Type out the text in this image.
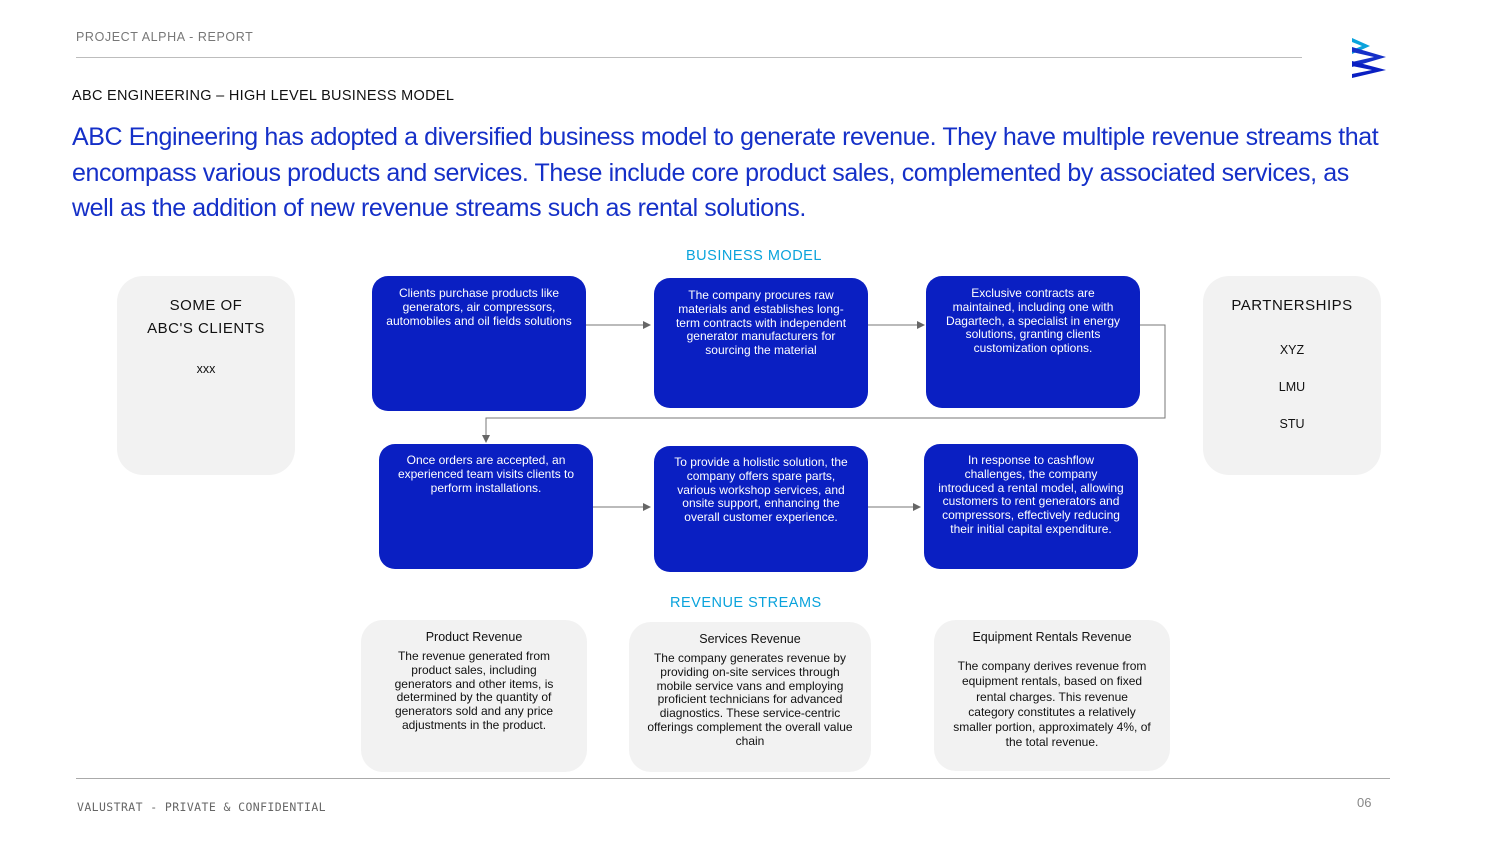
PROJECT ALPHA - REPORT
ABC ENGINEERING – HIGH LEVEL BUSINESS MODEL
ABC Engineering has adopted a diversified business model to generate revenue. They have multiple revenue streams that encompass various products and services. These include core product sales, complemented by associated services, as well as the addition of new revenue streams such as rental solutions.
BUSINESS MODEL
SOME OF
ABC'S CLIENTS
xxx
PARTNERSHIPS
XYZ
LMU
STU
Clients purchase products like generators, air compressors, automobiles and oil fields solutions
The company procures raw materials and establishes long-term contracts with independent generator manufacturers for sourcing the material
Exclusive contracts are maintained, including one with Dagartech, a specialist in energy solutions, granting clients customization options.
Once orders are accepted, an experienced team visits clients to perform installations.
To provide a holistic solution, the company offers spare parts, various workshop services, and onsite support, enhancing the overall customer experience.
In response to cashflow challenges, the company introduced a rental model, allowing customers to rent generators and compressors, effectively reducing their initial capital expenditure.
REVENUE STREAMS
Product Revenue
The revenue generated from product sales, including generators and other items, is determined by the quantity of generators sold and any price adjustments in the product.
Services Revenue
The company generates revenue by providing on-site services through mobile service vans and employing proficient technicians for advanced diagnostics. These service-centric offerings complement the overall value chain
Equipment Rentals Revenue
The company derives revenue from equipment rentals, based on fixed rental charges. This revenue category constitutes a relatively smaller portion, approximately 4%, of the total revenue.
VALUSTRAT - PRIVATE & CONFIDENTIAL	06
